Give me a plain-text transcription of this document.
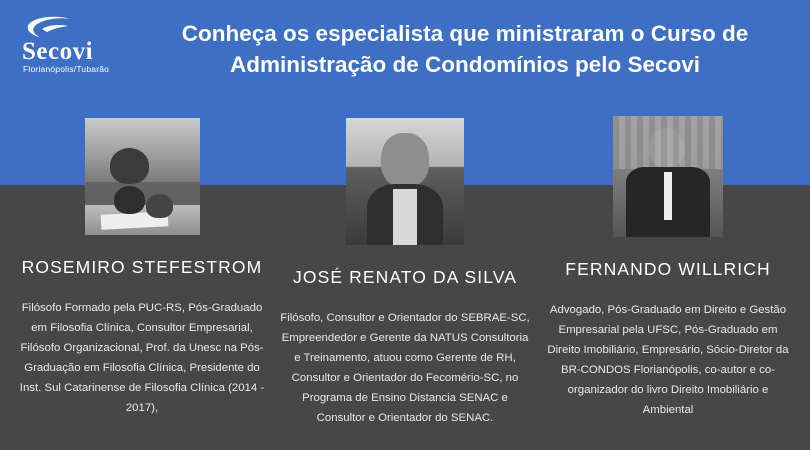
Secovi
Florianópolis/Tubarão
Conheça os especialista que ministraram o Curso de Administração de Condomínios pelo Secovi
ROSEMIRO STEFESTROM
Filósofo Formado pela PUC-RS, Pós-Graduado em Filosofia Clínica, Consultor Empresarial, Filósofo Organizacional, Prof. da Unesc na Pós-Graduação em Filosofia Clínica, Presidente do Inst. Sul Catarinense de Filosofia Clínica (2014 - 2017),
JOSÉ RENATO DA SILVA
Filósofo, Consultor e Orientador do SEBRAE-SC, Empreendedor e Gerente da NATUS Consultoria e Treinamento, atuou como Gerente de RH, Consultor e Orientador do Fecomério-SC, no Programa de Ensino Distancia SENAC e Consultor e Orientador do SENAC.
FERNANDO WILLRICH
Advogado, Pós-Graduado em Direito e Gestão Empresarial pela UFSC, Pós-Graduado em Direito Imobiliário, Empresário, Sócio-Diretor da BR-CONDOS Florianópolis, co-autor e co-organizador do livro Direito Imobiliário e Ambiental
